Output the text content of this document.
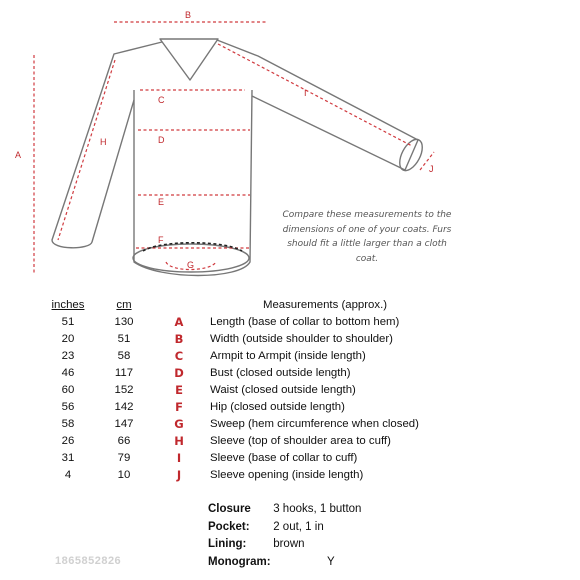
B
A
H
I
J
C
D
E
F
G
Compare these measurements to the dimensions of one of your coats. Furs should fit a little larger than a cloth coat.
inches	cm		Measurements (approx.)
51	130	A	Length (base of collar to bottom hem)
20	51	B	Width (outside shoulder to shoulder)
23	58	C	Armpit to Armpit (inside length)
46	117	D	Bust (closed outside length)
60	152	E	Waist (closed outside length)
56	142	F	Hip (closed outside length)
58	147	G	Sweep (hem circumference when closed)
26	66	H	Sleeve (top of shoulder area to cuff)
31	79	I	Sleeve (base of collar to cuff)
4	10	J	Sleeve opening (inside length)
Closure 3 hooks, 1 button
Pocket: 2 out, 1 in
Lining: brown
Monogram:	Y
1865852826
